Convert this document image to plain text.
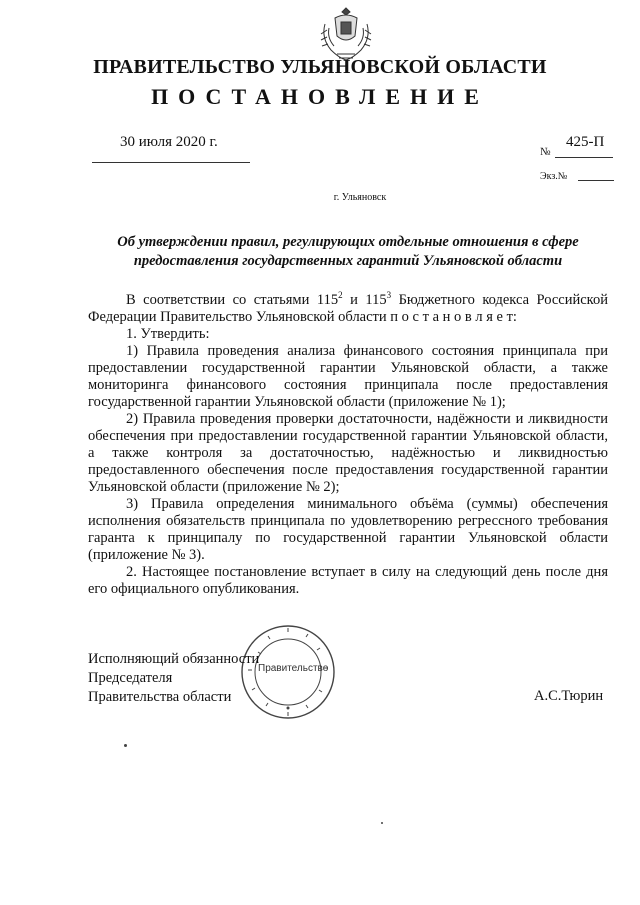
ПРАВИТЕЛЬСТВО УЛЬЯНОВСКОЙ ОБЛАСТИ
ПОСТАНОВЛЕНИЕ
30 июля 2020 г.
№
425-П
Экз.№
г. Ульяновск
Об утверждении правил, регулирующих отдельные отношения в сфере
предоставления государственных гарантий Ульяновской области

В соответствии со статьями $115^2$ и $115^3$ Бюджетного кодекса Российской Федерации Правительство Ульяновской области п о с т а н о в л я е т:

1. Утвердить:

1) Правила проведения анализа финансового состояния принципала при предоставлении государственной гарантии Ульяновской области, а также мониторинга финансового состояния принципала после предоставления государственной гарантии Ульяновской области (приложение № 1);

2) Правила проведения проверки достаточности, надёжности и ликвидности обеспечения при предоставлении государственной гарантии Ульяновской области, а также контроля за достаточностью, надёжностью и ликвидностью предоставленного обеспечения после предоставления государственной гарантии Ульяновской области (приложение № 2);

3) Правила определения минимального объёма (суммы) обеспечения исполнения обязательств принципала по удовлетворению регрессного требования гаранта к принципалу по государственной гарантии Ульяновской области (приложение № 3).

2. Настоящее постановление вступает в силу на следующий день после дня его официального опубликования.

Исполняющий обязанности
Председателя
Правительства области
Правительство
А.С.Тюрин
